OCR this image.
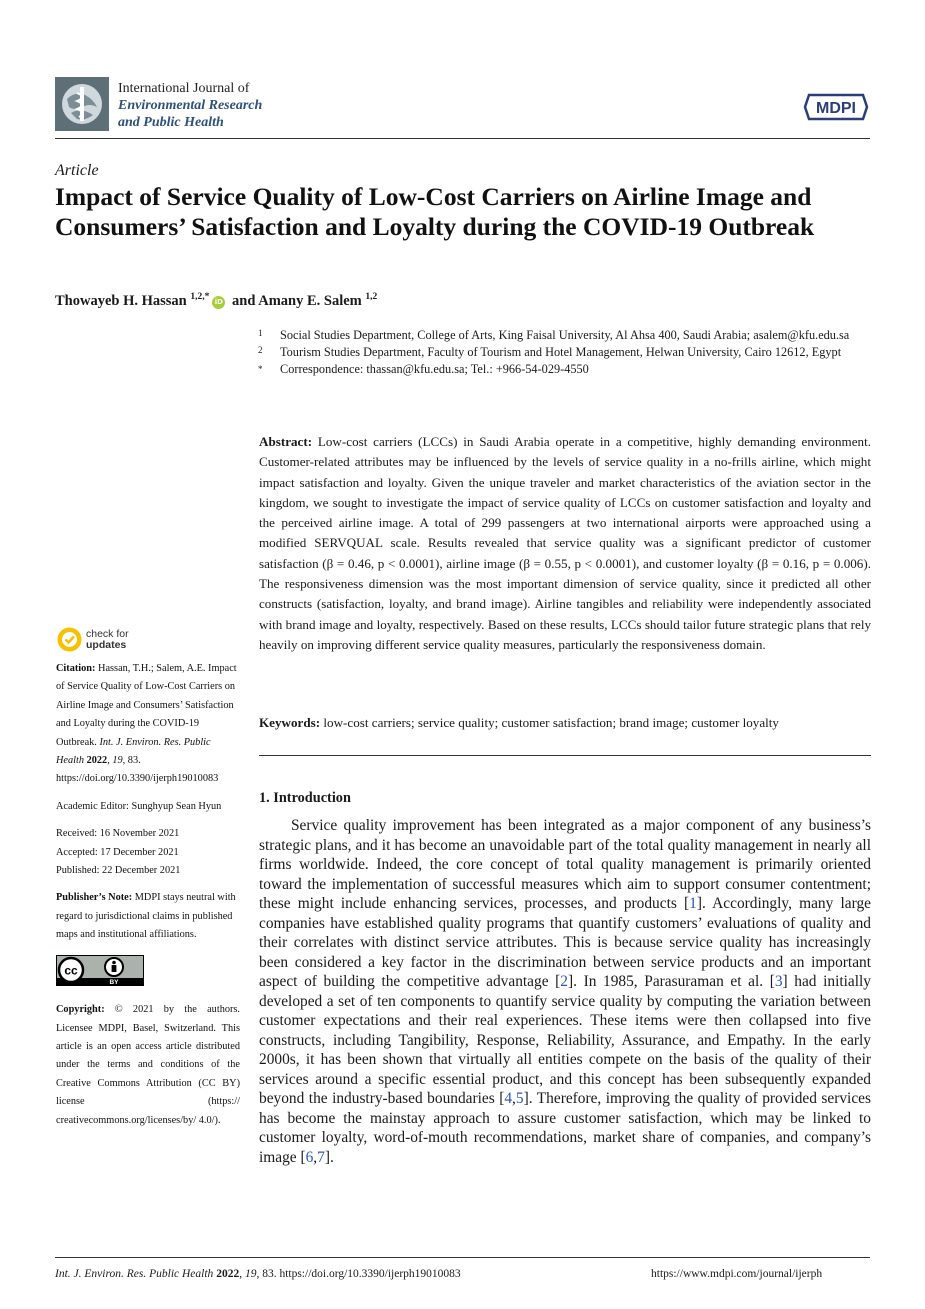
International Journal of
Environmental Research
and Public Health
MDPI
Article
Impact of Service Quality of Low-Cost Carriers on Airline Image and Consumers’ Satisfaction and Loyalty during the COVID-19 Outbreak
Thowayeb H. Hassan $^{1,2,*}$ iD and Amany E. Salem $^{1,2}$
1 Social Studies Department, College of Arts, King Faisal University, Al Ahsa 400, Saudi Arabia; asalem@kfu.edu.sa
2 Tourism Studies Department, Faculty of Tourism and Hotel Management, Helwan University, Cairo 12612, Egypt
* Correspondence: thassan@kfu.edu.sa; Tel.: +966-54-029-4550
Abstract: Low-cost carriers (LCCs) in Saudi Arabia operate in a competitive, highly demanding environment. Customer-related attributes may be influenced by the levels of service quality in a no-frills airline, which might impact satisfaction and loyalty. Given the unique traveler and market characteristics of the aviation sector in the kingdom, we sought to investigate the impact of service quality of LCCs on customer satisfaction and loyalty and the perceived airline image. A total of 299 passengers at two international airports were approached using a modified SERVQUAL scale. Results revealed that service quality was a significant predictor of customer satisfaction (β = 0.46, p < 0.0001), airline image (β = 0.55, p < 0.0001), and customer loyalty (β = 0.16, p = 0.006). The responsiveness dimension was the most important dimension of service quality, since it predicted all other constructs (satisfaction, loyalty, and brand image). Airline tangibles and reliability were independently associated with brand image and loyalty, respectively. Based on these results, LCCs should tailor future strategic plans that rely heavily on improving different service quality measures, particularly the responsiveness domain.
Keywords: low-cost carriers; service quality; customer satisfaction; brand image; customer loyalty
1. Introduction
Service quality improvement has been integrated as a major component of any business’s strategic plans, and it has become an unavoidable part of the total quality management in nearly all firms worldwide. Indeed, the core concept of total quality management is primarily oriented toward the implementation of successful measures which aim to support consumer contentment; these might include enhancing services, processes, and products [1]. Accordingly, many large companies have established quality programs that quantify customers’ evaluations of quality and their correlates with distinct service attributes. This is because service quality has increasingly been considered a key factor in the discrimination between service products and an important aspect of building the competitive advantage [2]. In 1985, Parasuraman et al. [3] had initially developed a set of ten components to quantify service quality by computing the variation between customer expectations and their real experiences. These items were then collapsed into five constructs, including Tangibility, Response, Reliability, Assurance, and Empathy. In the early 2000s, it has been shown that virtually all entities compete on the basis of the quality of their services around a specific essential product, and this concept has been subsequently expanded beyond the industry-based boundaries [4,5]. Therefore, improving the quality of provided services has become the mainstay approach to assure customer satisfaction, which may be linked to customer loyalty, word-of-mouth recommendations, market share of companies, and company’s image [6,7].
check for
updates

Citation: Hassan, T.H.; Salem, A.E. Impact of Service Quality of Low-Cost Carriers on Airline Image and Consumers’ Satisfaction and Loyalty during the COVID-19 Outbreak. Int. J. Environ. Res. Public Health 2022, 19, 83. https://doi.org/10.3390/ijerph19010083

Academic Editor: Sunghyup Sean Hyun

Received: 16 November 2021

Accepted: 17 December 2021

Published: 22 December 2021

Publisher’s Note: MDPI stays neutral with regard to jurisdictional claims in published maps and institutional affiliations.

cc
BY

Copyright: © 2021 by the authors. Licensee MDPI, Basel, Switzerland. This article is an open access article distributed under the terms and conditions of the Creative Commons Attribution (CC BY) license (https:// creativecommons.org/licenses/by/ 4.0/).

Int. J. Environ. Res. Public Health 2022, 19, 83. https://doi.org/10.3390/ijerph19010083	https://www.mdpi.com/journal/ijerph
